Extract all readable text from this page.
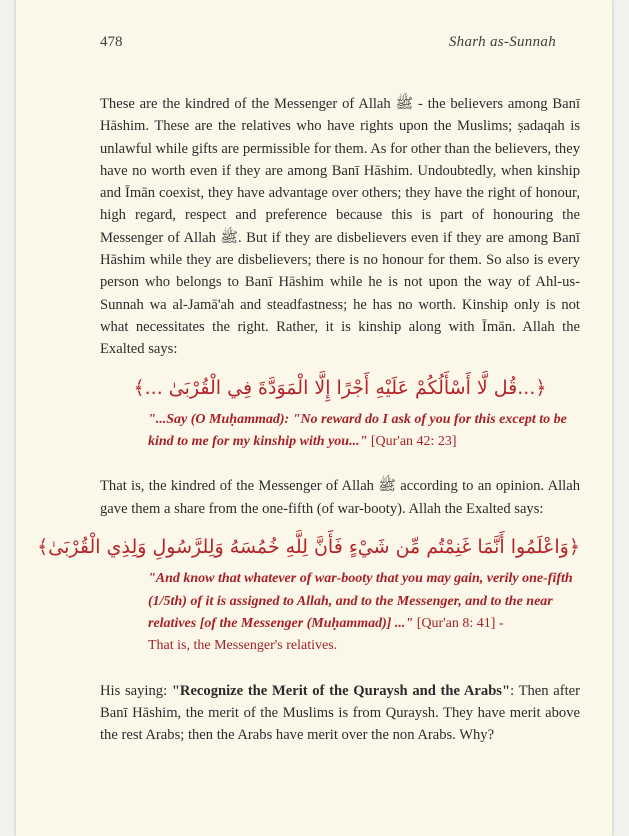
478	Sharh as-Sunnah

These are the kindred of the Messenger of Allah ﷺ - the believers among Banī Hāshim. These are the relatives who have rights upon the Muslims; ṣadaqah is unlawful while gifts are permissible for them. As for other than the believers, they have no worth even if they are among Banī Hāshim. Undoubtedly, when kinship and Īmān coexist, they have advantage over others; they have the right of honour, high regard, respect and preference because this is part of honouring the Messenger of Allah ﷺ. But if they are disbelievers even if they are among Banī Hāshim while they are disbelievers; there is no honour for them. So also is every person who belongs to Banī Hāshim while he is not upon the way of Ahl-us-Sunnah wa al-Jamā'ah and steadfastness; he has no worth. Kinship only is not what necessitates the right. Rather, it is kinship along with Īmān. Allah the Exalted says:

﴿...قُل لَّا أَسْأَلُكُمْ عَلَيْهِ أَجْرًا إِلَّا الْمَوَدَّةَ فِي الْقُرْبَىٰ ...﴾

"...Say (O Muḥammad): "No reward do I ask of you for this except to be kind to me for my kinship with you..." [Qur'an 42: 23]

That is, the kindred of the Messenger of Allah ﷺ according to an opinion. Allah gave them a share from the one-fifth (of war-booty). Allah the Exalted says:

﴿وَاعْلَمُوا أَنَّمَا غَنِمْتُم مِّن شَيْءٍ فَأَنَّ لِلَّهِ خُمُسَهُ وَلِلرَّسُولِ وَلِذِي الْقُرْبَىٰ﴾

"And know that whatever of war-booty that you may gain, verily one-fifth (1/5th) of it is assigned to Allah, and to the Messenger, and to the near relatives [of the Messenger (Muḥammad)] ..." [Qur'an 8: 41] -
That is, the Messenger's relatives.

His saying: "Recognize the Merit of the Quraysh and the Arabs": Then after Banī Hāshim, the merit of the Muslims is from Quraysh. They have merit above the rest Arabs; then the Arabs have merit over the non Arabs. Why?
